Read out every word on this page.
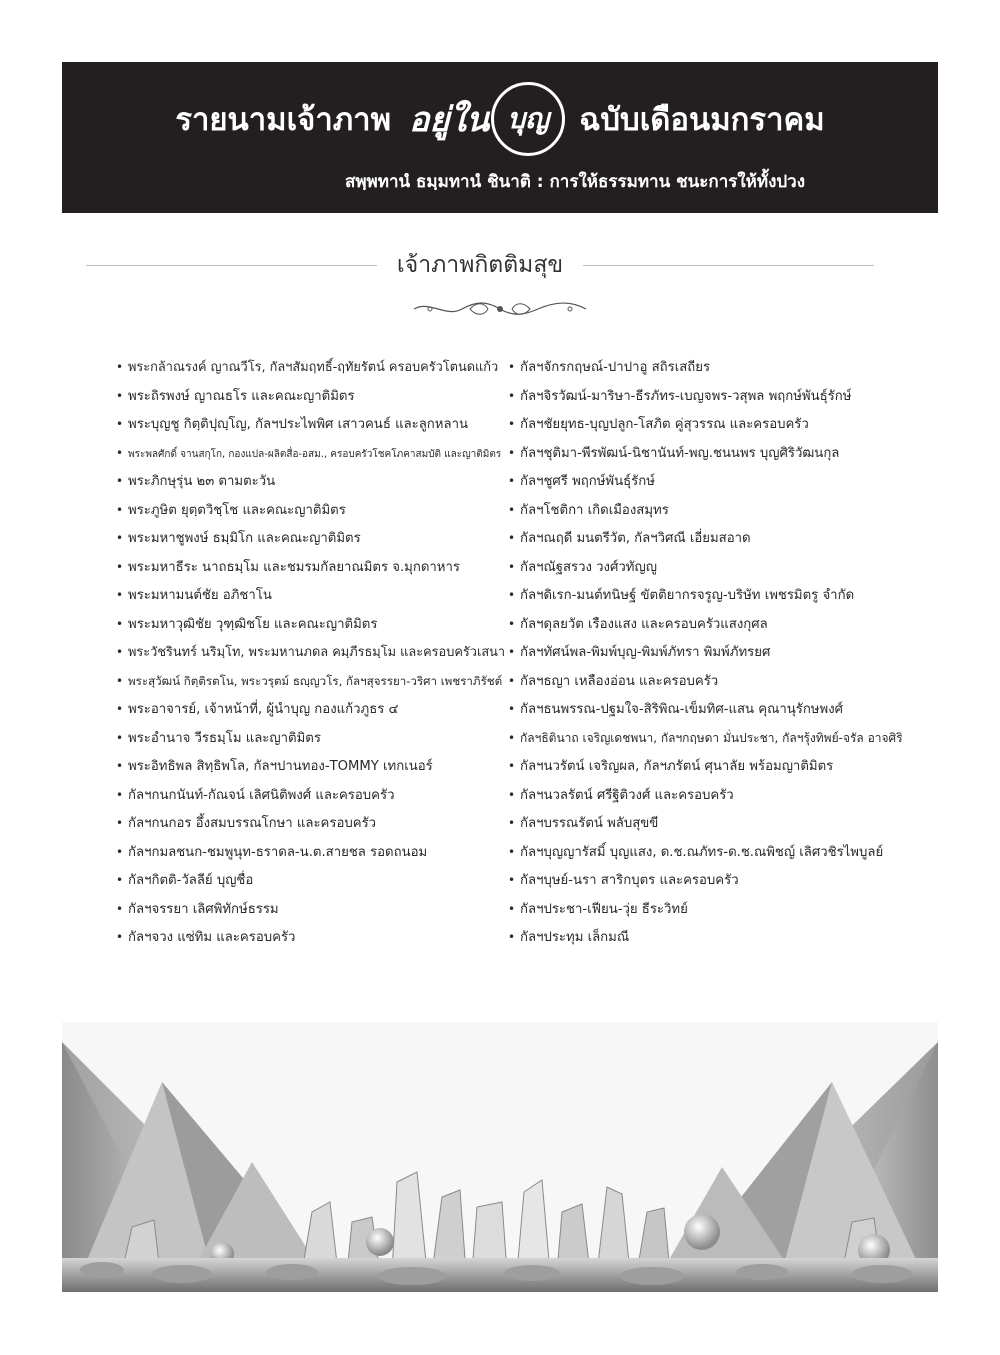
รายนามเจ้าภาพ อยู่ใน บุญ ฉบับเดือนมกราคม
สพฺพทานํ ธมฺมทานํ ชินาติ : การให้ธรรมทาน ชนะการให้ทั้งปวง
เจ้าภาพกิตติมสุข
• พระกล้าณรงค์ ญาณวีโร, กัลฯสัมฤทธิ์-ฤทัยรัตน์ ครอบครัวโตนดแก้ว
• พระถิรพงษ์ ญาณธโร และคณะญาติมิตร
• พระบุญชู กิตฺติปุญฺโญ, กัลฯประไพพิศ เสาวคนธ์ และลูกหลาน
• พระพลศักดิ์ จานสกุโก, กองแปล-ผลิตสื่อ-อสม., ครอบครัวโชคโภคาสมบัติ และญาติมิตร
• พระภิกษุรุ่น ๒๓ ตามตะวัน
• พระภูษิต ยุตฺตวิชฺโช และคณะญาติมิตร
• พระมหาชูพงษ์ ธมฺมิโก และคณะญาติมิตร
• พระมหาธีระ นาถธมฺโม และชมรมกัลยาณมิตร จ.มุกดาหาร
• พระมหามนต์ชัย อภิชาโน
• พระมหาวุฒิชัย วุฑฺฒิชโย และคณะญาติมิตร
• พระวัชรินทร์ นริมฺโท, พระมหานภดล คมฺภีรธมฺโม และครอบครัวเสนา
• พระสุวัฒน์ กิตฺติรตโน, พระวรุตม์ ธญฺญวโร, กัลฯสุจรรยา-วริศา เพชราภิรัชต์
• พระอาจารย์, เจ้าหน้าที่, ผู้นำบุญ กองแก้วภูธร ๔
• พระอำนาจ วีรธมฺโม และญาติมิตร
• พระอิทธิพล สิทฺธิพโล, กัลฯปานทอง-TOMMY เทกเนอร์
• กัลฯกนกนันท์-กัณจน์ เลิศนิติพงศ์ และครอบครัว
• กัลฯกนกอร อึ้งสมบรรณโกษา และครอบครัว
• กัลฯกมลชนก-ชมพูนุท-ธราดล-น.ต.สายชล รอดถนอม
• กัลฯกิตติ-วัลลีย์ บุญชื่อ
• กัลฯจรรยา เลิศพิทักษ์ธรรม
• กัลฯจวง แซ่ทิม และครอบครัว
• กัลฯจักรกฤษณ์-ปาปาอู สถิรเสถียร
• กัลฯจิรวัฒน์-มาริษา-ธีรภัทร-เบญจพร-วสุพล พฤกษ์พันธุ์รักษ์
• กัลฯชัยยุทธ-บุญปลูก-โสภิต คู่สุวรรณ และครอบครัว
• กัลฯชุติมา-พีรพัฒน์-นิชานันท์-พญ.ชนนพร บุญศิริวัฒนกุล
• กัลฯชูศรี พฤกษ์พันธุ์รักษ์
• กัลฯโชติกา เกิดเมืองสมุทร
• กัลฯณฤดี มนตรีวัต, กัลฯวิศณี เอี่ยมสอาด
• กัลฯณัฐสรวง วงศ์วทัญญู
• กัลฯดิเรก-มนต์ทนิษฐ์ ขัตติยากรจรูญ-บริษัท เพชรมิตรู จำกัด
• กัลฯดุลยวัต เรืองแสง และครอบครัวแสงกุศล
• กัลฯทัศน์พล-พิมพ์บุญ-พิมพ์ภัทรา พิมพ์ภัทรยศ
• กัลฯธญา เหลืองอ่อน และครอบครัว
• กัลฯธนพรรณ-ปฐมใจ-สิริพิณ-เข็มทิศ-แสน คุณานุรักษพงศ์
• กัลฯธิตินาถ เจริญเดชพนา, กัลฯกฤษดา มั่นประชา, กัลฯรุ้งทิพย์-จรัล อาจศิริ
• กัลฯนวรัตน์ เจริญผล, กัลฯภรัตน์ ศุนาลัย พร้อมญาติมิตร
• กัลฯนวลรัตน์ ศรีฐิติวงศ์ และครอบครัว
• กัลฯบรรณรัตน์ พลับสุขขี
• กัลฯบุญญารัสมิ์ บุญแสง, ด.ช.ณภัทร-ด.ช.ณพิชญ์ เลิศวชิรไพบูลย์
• กัลฯบุษย์-นรา สาริกบุตร และครอบครัว
• กัลฯประชา-เฟียน-วุ่ย ธีระวิทย์
• กัลฯประทุม เล็กมณี
